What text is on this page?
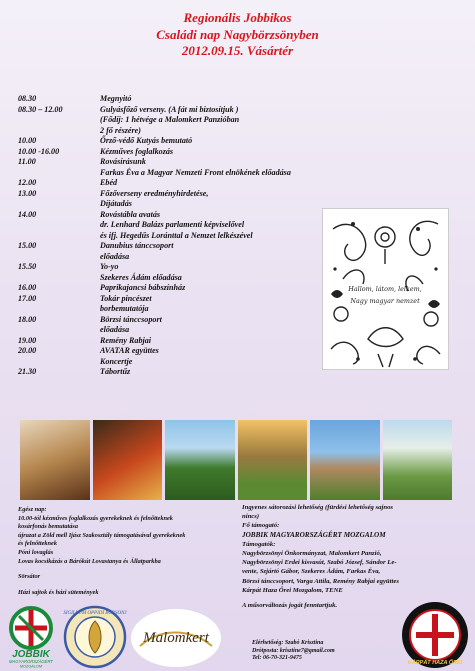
Regionális Jobbikos
Családi nap Nagybörzsönyben
2012.09.15. Vásártér
08.30	Megnyitó
08.30 – 12.00	Gulyásfőző verseny. (A fát mi biztosítjuk )
(Fődíj: 1 hétvége a Malomkert Panzióban
2 fő részére)
10.00	Őrző-védő Kutyás bemutató
10.00 -16.00	Kézműves foglalkozás
11.00	Rovásírásunk
Farkas Éva a Magyar Nemzeti Front elnökének előadása
12.00	Ebéd
13.00	Főzőverseny eredményhirdetése,
Díjátadás
14.00	Rovástábla avatás
dr. Lenhard Balázs parlamenti képviselővel
és ifj. Hegedűs Loránttal a Nemzet lelkészével
15.00	Danubius tánccsoport
előadása
15.50	Yo-yo
Szekeres Ádám előadása
16.00	Paprikajancsi bábszínház
17.00	Tokár pincészet
borbemutatója
18.00	Börzsi tánccsoport
előadása
19.00	Remény Rabjai
20.00	AVATAR együttes
Koncertje
21.30	Tábortűz
Hallom, látom, lelkem,
Nagy magyar nemzet
Egész nap:
10.00-tól kézműves foglalkozás gyerekeknek és felnőtteknek
kosárfonás bemutatása
újrazat a Zöld mell Ijász Szakosztály támogatásával gyerekeknek
és felnőtteknek
Póni lovaglás
Lovas kocsikázás a Bárókút Lovastanya és Állatparkba
Sörsátor
Házi sajtok és házi sütemények
Ingyenes sátorozási lehetőség (fürdési lehetőség sajnos
nincs)
Fő támogató:
JOBBIK MAGYARORSZÁGÉRT MOZGALOM
Támogatók:
Nagybörzsönyi Önkormányzat, Malomkert Panzió,
Nagybörzsönyi Erdei kisvasút, Szabó József, Sándor Le-
vente, Szjártó Gábor, Szekeres Ádám, Farkas Éva,
Börzsi tánccsoport, Varga Attila, Remény Rabjai együttes
Kárpát Haza Őrei Mozgalom, TENE
A műsorváltozás jogát fenntartjuk.
Elérhetőség: Szabó Krisztina
Drótposta: krisztine7@gmail.com
Tel: 06-70-321-9475
JOBBIK
MAGYARORSZÁGÉRT
MOZGALOM
SIGILLUM OPPIDI BORSONJ
Malomkert
KÁRPÁT HAZA ŐREI
